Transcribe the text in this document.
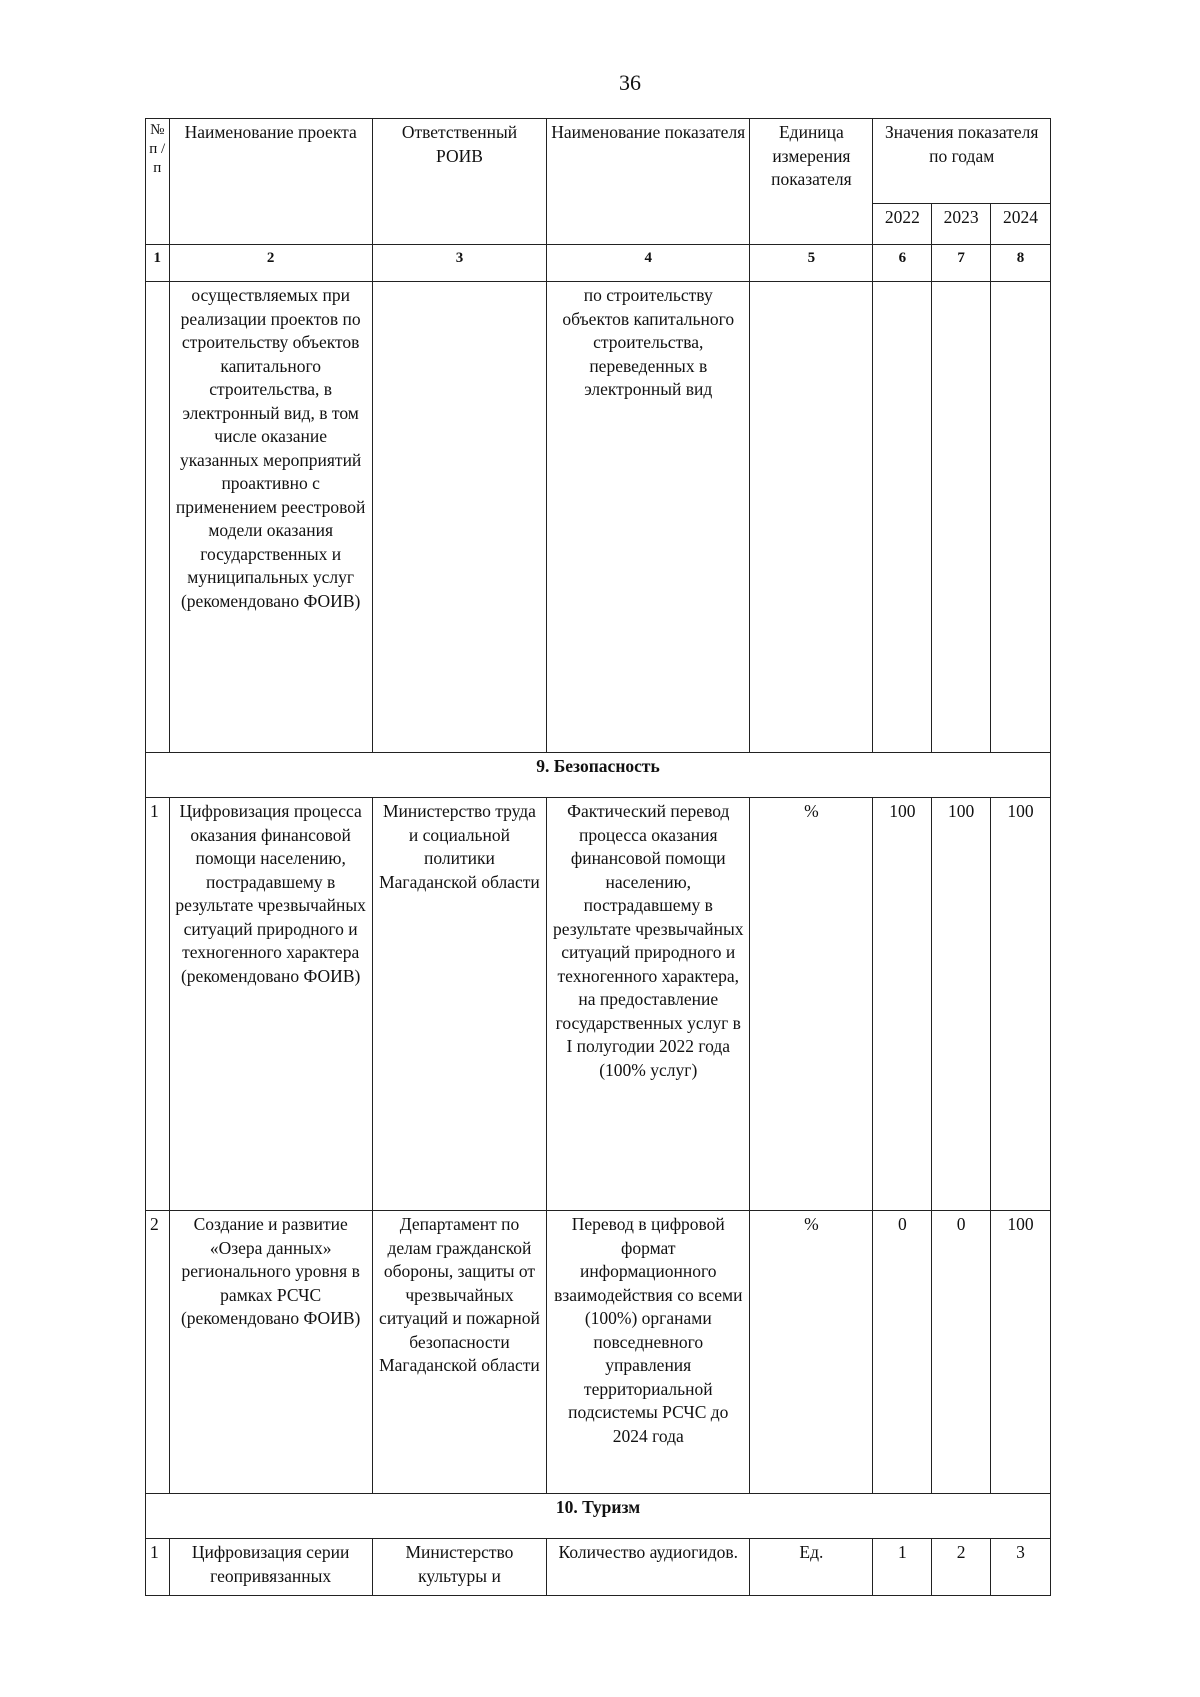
36
№ п / п	Наименование проекта	Ответственный РОИВ	Наименование показателя	Единица измерения показателя	Значения показателя по годам		
					2022	2023	2024
1	2	3	4	5	6	7	8
	осуществляемых при реализации проектов по строительству объектов капитального строительства, в электронный вид, в том числе оказание указанных мероприятий проактивно с применением реестровой модели оказания государственных и муниципальных услуг (рекомендовано ФОИВ)		по строительству объектов капитального строительства, переведенных в электронный вид				
9. Безопасность							
1	Цифровизация процесса оказания финансовой помощи населению, пострадавшему в результате чрезвычайных ситуаций природного и техногенного характера (рекомендовано ФОИВ)	Министерство труда и социальной политики Магаданской области	Фактический перевод процесса оказания финансовой помощи населению, пострадавшему в результате чрезвычайных ситуаций природного и техногенного характера, на предоставление государственных услуг в I полугодии 2022 года (100% услуг)	%	100	100	100
2	Создание и развитие «Озера данных» регионального уровня в рамках РСЧС (рекомендовано ФОИВ)	Департамент по делам гражданской обороны, защиты от чрезвычайных ситуаций и пожарной безопасности Магаданской области	Перевод в цифровой формат информационного взаимодействия со всеми (100%) органами повседневного управления территориальной подсистемы РСЧС до 2024 года	%	0	0	100
10. Туризм							
1	Цифровизация серии геопривязанных	Министерство культуры и	Количество аудиогидов.	Ед.	1	2	3
